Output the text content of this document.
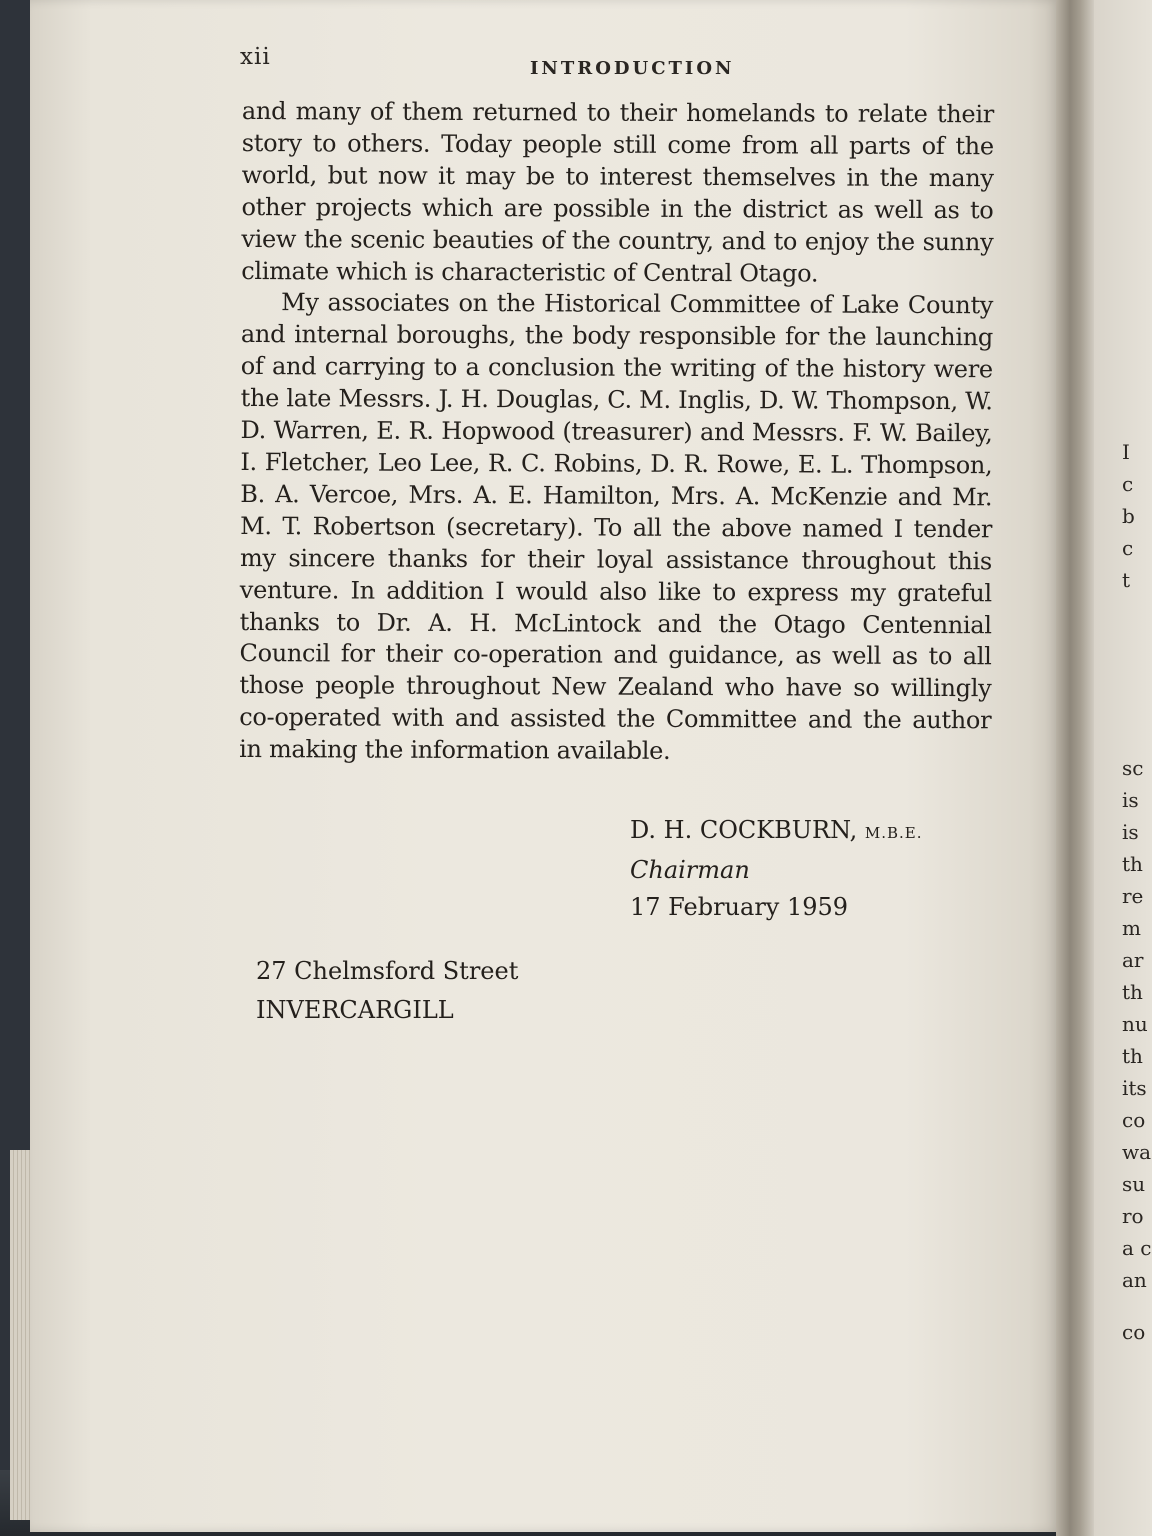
xii	INTRODUCTION

and many of them returned to their homelands to relate their story to others. Today people still come from all parts of the world, but now it may be to interest themselves in the many other projects which are possible in the district as well as to view the scenic beauties of the country, and to enjoy the sunny climate which is characteristic of Central Otago.

My associates on the Historical Committee of Lake County and internal boroughs, the body responsible for the launching of and carrying to a conclusion the writing of the history were the late Messrs. J. H. Douglas, C. M. Inglis, D. W. Thompson, W. D. Warren, E. R. Hopwood (treasurer) and Messrs. F. W. Bailey, I. Fletcher, Leo Lee, R. C. Robins, D. R. Rowe, E. L. Thompson, B. A. Vercoe, Mrs. A. E. Hamilton, Mrs. A. McKenzie and Mr. M. T. Robertson (secretary). To all the above named I tender my sincere thanks for their loyal assistance throughout this venture. In addition I would also like to express my grateful thanks to Dr. A. H. McLintock and the Otago Centennial Council for their co-operation and guidance, as well as to all those people throughout New Zealand who have so willingly co-operated with and assisted the Committee and the author in making the information available.

D. H. COCKBURN, M.B.E.
Chairman
17 February 1959
27 Chelmsford Street
INVERCARGILL
I
c
b
c
t
sc
is
is
th
re
m
ar
th
nu
th
its
co
wa
su
ro
a c
an
co
